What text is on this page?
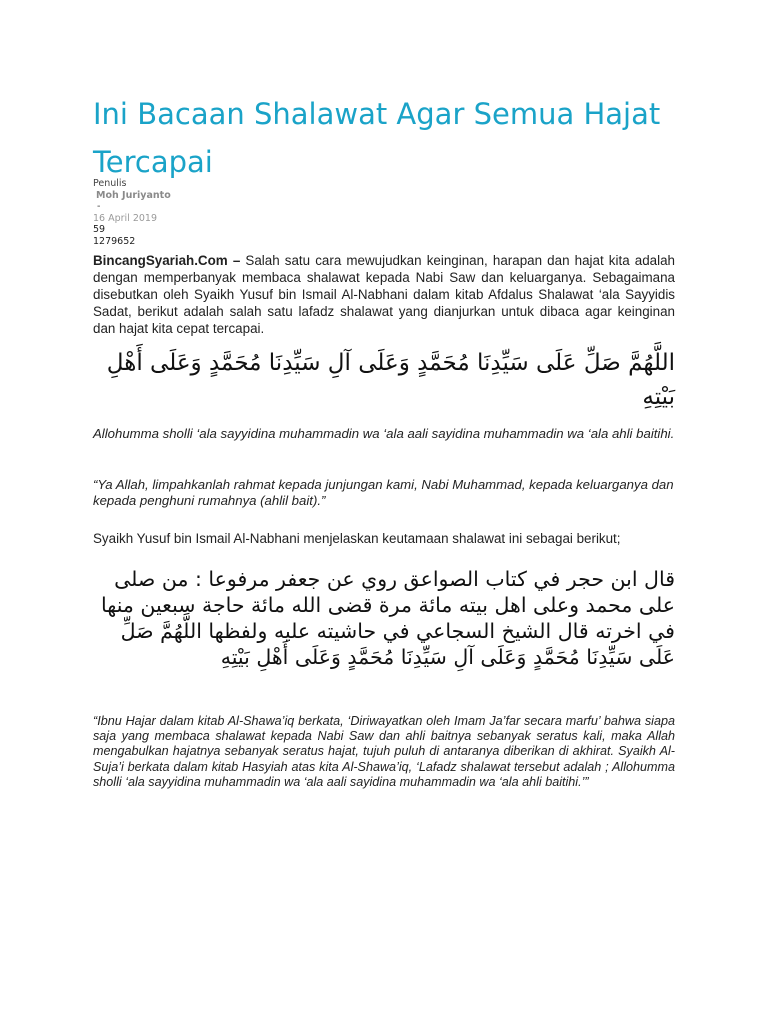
Ini Bacaan Shalawat Agar Semua Hajat Tercapai
Penulis
Moh Juriyanto
-
16 April 2019
59
1279652

BincangSyariah.Com – Salah satu cara mewujudkan keinginan, harapan dan hajat kita adalah dengan memperbanyak membaca shalawat kepada Nabi Saw dan keluarganya. Sebagaimana disebutkan oleh Syaikh Yusuf bin Ismail Al-Nabhani dalam kitab Afdalus Shalawat ‘ala Sayyidis Sadat, berikut adalah salah satu lafadz shalawat yang dianjurkan untuk dibaca agar keinginan dan hajat kita cepat tercapai.

اللَّهُمَّ صَلِّ عَلَى سَيِّدِنَا مُحَمَّدٍ وَعَلَى آلِ سَيِّدِنَا مُحَمَّدٍ وَعَلَى أَهْلِ بَيْتِهِ

Allohumma sholli ‘ala sayyidina muhammadin wa ‘ala aali sayidina muhammadin wa ‘ala ahli baitihi.

“Ya Allah, limpahkanlah rahmat kepada junjungan kami, Nabi Muhammad, kepada keluarganya dan kepada penghuni rumahnya (ahlil bait).”

Syaikh Yusuf bin Ismail Al-Nabhani menjelaskan keutamaan shalawat ini sebagai berikut;

قال ابن حجر في كتاب الصواعق روي عن جعفر مرفوعا : من صلى على محمد وعلى اهل بيته مائة مرة قضى الله مائة حاجة سبعين منها في اخرته قال الشيخ السجاعي في حاشيته عليه ولفظها اللَّهُمَّ صَلِّ عَلَى سَيِّدِنَا مُحَمَّدٍ وَعَلَى آلِ سَيِّدِنَا مُحَمَّدٍ وَعَلَى أَهْلِ بَيْتِهِ

“Ibnu Hajar dalam kitab Al-Shawa’iq berkata, ‘Diriwayatkan oleh Imam Ja’far secara marfu’ bahwa siapa saja yang membaca shalawat kepada Nabi Saw dan ahli baitnya sebanyak seratus kali, maka Allah mengabulkan hajatnya sebanyak seratus hajat, tujuh puluh di antaranya diberikan di akhirat. Syaikh Al-Suja’i berkata dalam kitab Hasyiah atas kita Al-Shawa’iq, ‘Lafadz shalawat tersebut adalah ; Allohumma sholli ‘ala sayyidina muhammadin wa ‘ala aali sayidina muhammadin wa ‘ala ahli baitihi.’”
